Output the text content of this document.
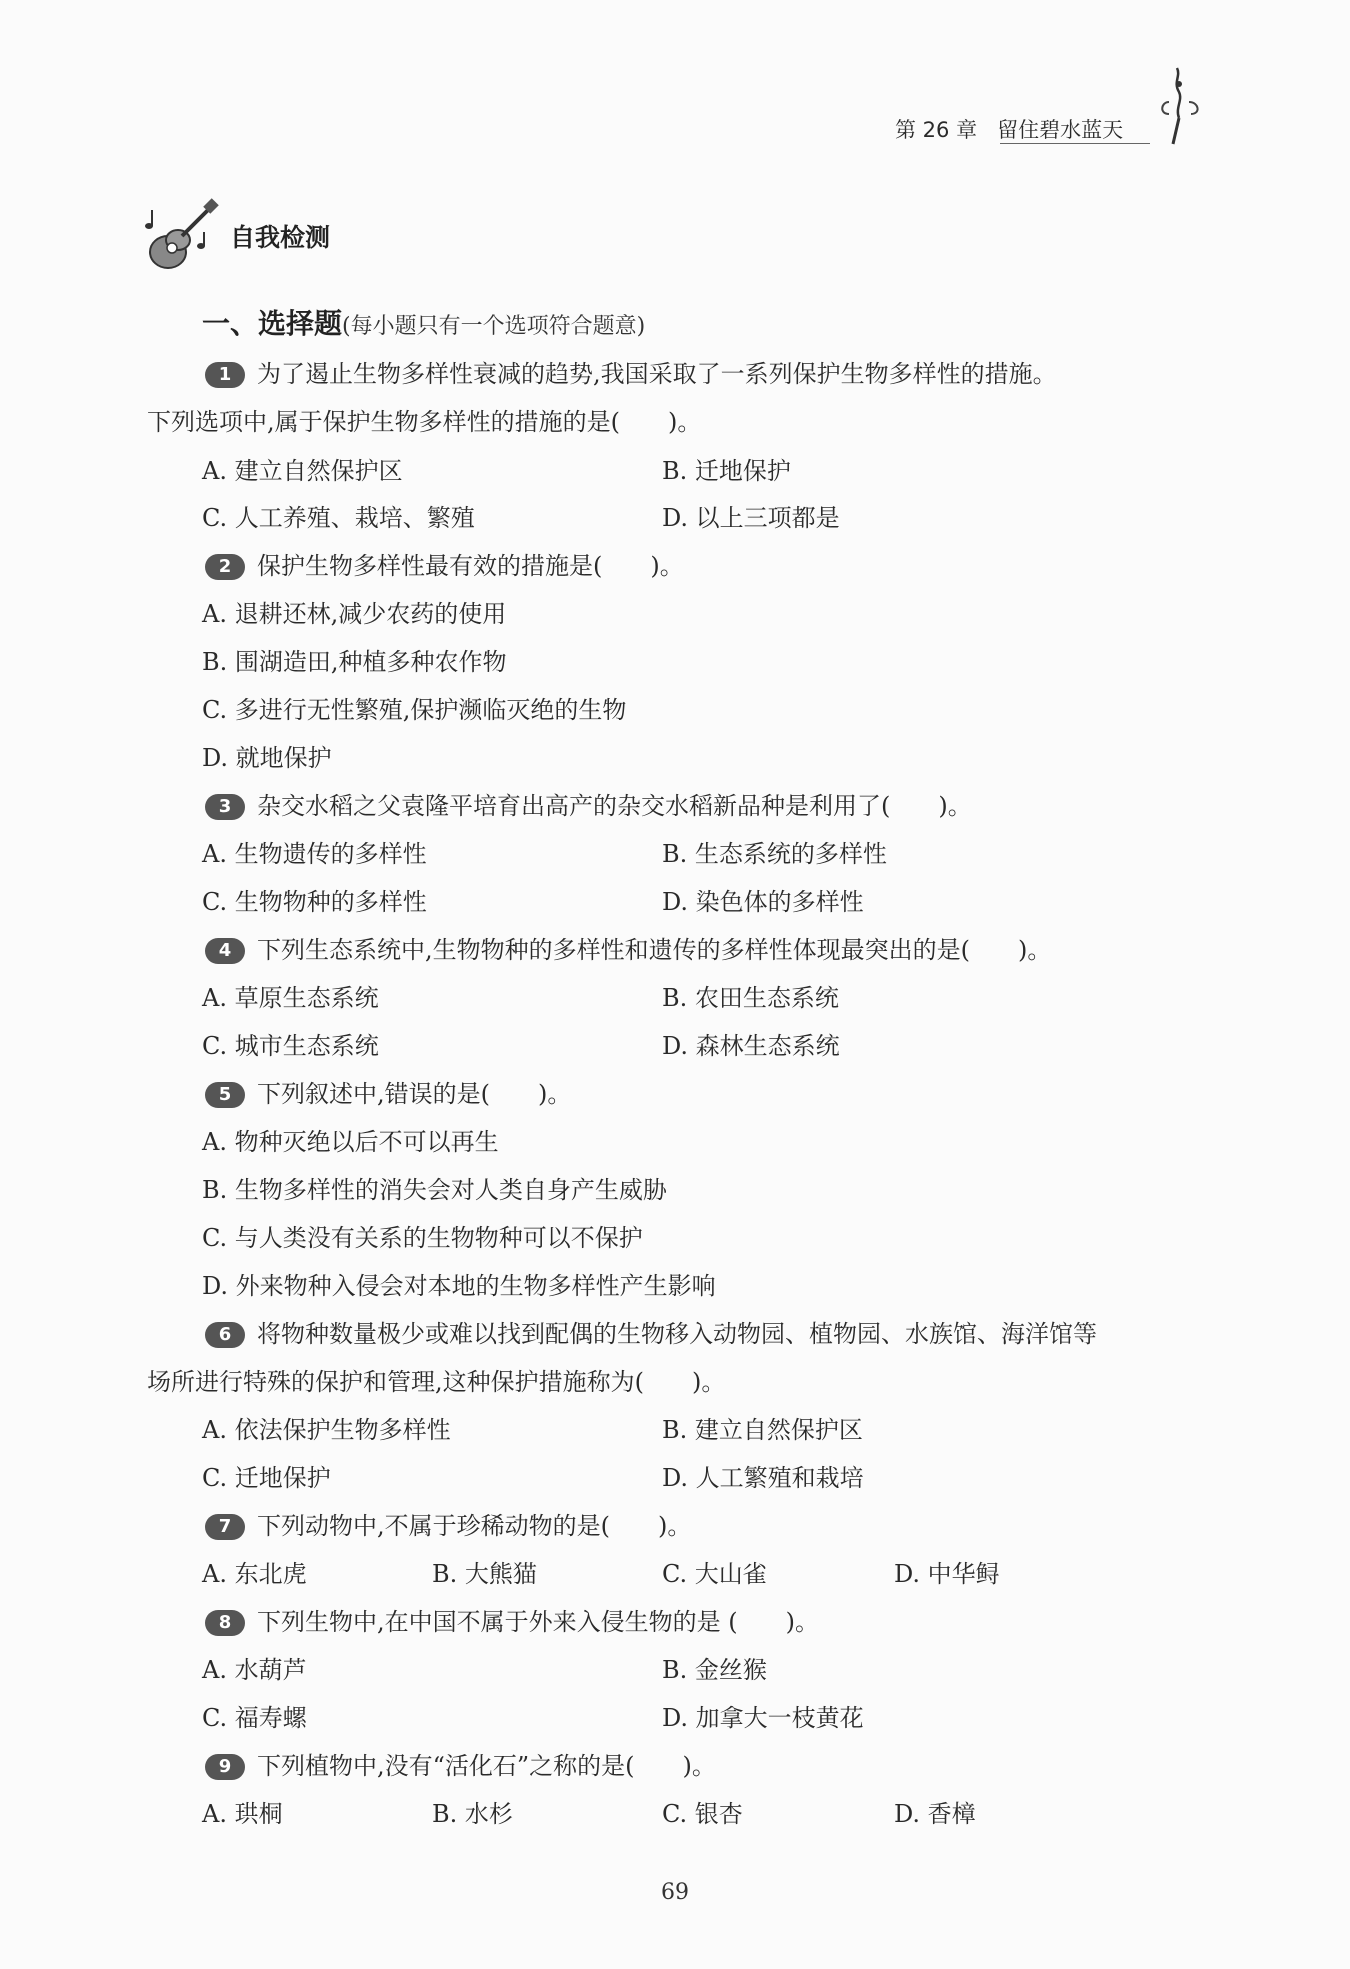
第 26 章 留住碧水蓝天
自我检测
一、选择题(每小题只有一个选项符合题意)
1 为了遏止生物多样性衰减的趋势,我国采取了一系列保护生物多样性的措施。
下列选项中,属于保护生物多样性的措施的是(　　)。
A. 建立自然保护区	B. 迁地保护
C. 人工养殖、栽培、繁殖	D. 以上三项都是
2 保护生物多样性最有效的措施是(　　)。
A. 退耕还林,减少农药的使用
B. 围湖造田,种植多种农作物
C. 多进行无性繁殖,保护濒临灭绝的生物
D. 就地保护
3 杂交水稻之父袁隆平培育出高产的杂交水稻新品种是利用了(　　)。
A. 生物遗传的多样性	B. 生态系统的多样性
C. 生物物种的多样性	D. 染色体的多样性
4 下列生态系统中,生物物种的多样性和遗传的多样性体现最突出的是(　　)。
A. 草原生态系统	B. 农田生态系统
C. 城市生态系统	D. 森林生态系统
5 下列叙述中,错误的是(　　)。
A. 物种灭绝以后不可以再生
B. 生物多样性的消失会对人类自身产生威胁
C. 与人类没有关系的生物物种可以不保护
D. 外来物种入侵会对本地的生物多样性产生影响
6 将物种数量极少或难以找到配偶的生物移入动物园、植物园、水族馆、海洋馆等
场所进行特殊的保护和管理,这种保护措施称为(　　)。
A. 依法保护生物多样性	B. 建立自然保护区
C. 迁地保护	D. 人工繁殖和栽培
7 下列动物中,不属于珍稀动物的是(　　)。
A. 东北虎	B. 大熊猫	C. 大山雀	D. 中华鲟
8 下列生物中,在中国不属于外来入侵生物的是 (　　)。
A. 水葫芦	B. 金丝猴
C. 福寿螺	D. 加拿大一枝黄花
9 下列植物中,没有“活化石”之称的是(　　)。
A. 珙桐	B. 水杉	C. 银杏	D. 香樟
69
